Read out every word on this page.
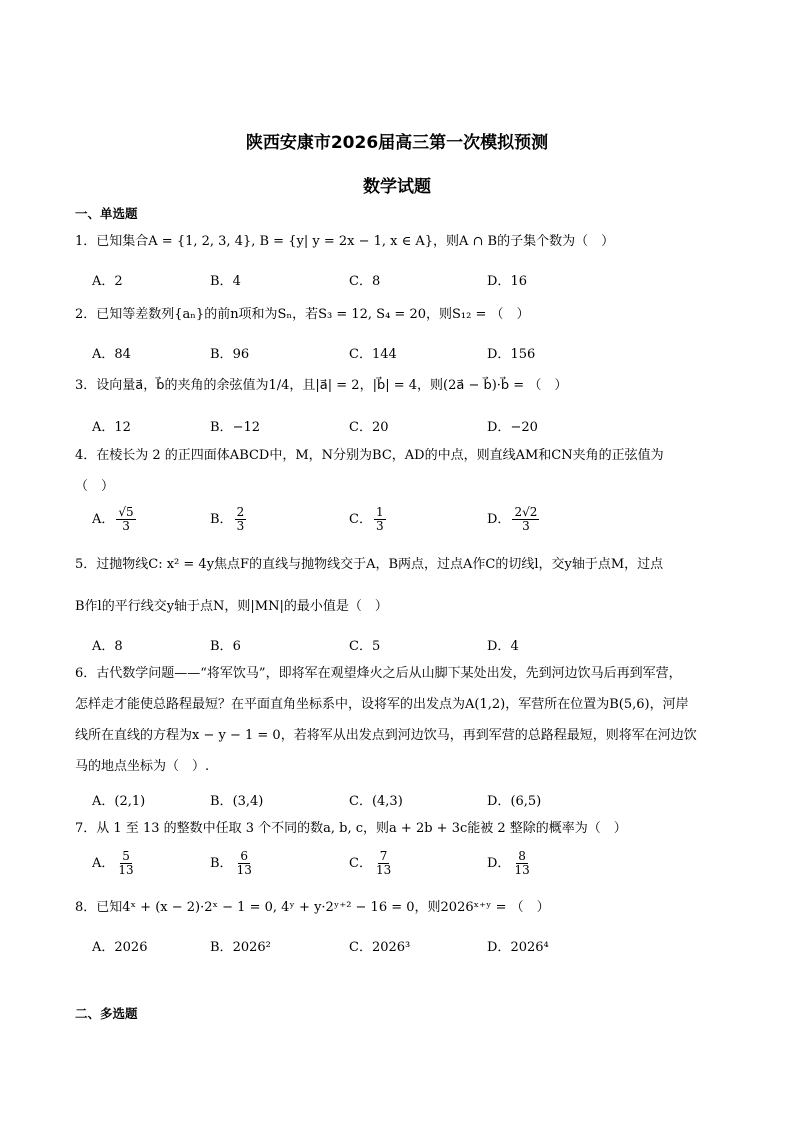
陕西安康市2026届高三第一次模拟预测
数学试题
一、单选题
1．已知集合A = {1, 2, 3, 4}, B = {y| y = 2x − 1, x ∈ A}，则A ∩ B的子集个数为（　）
A．2	B．4	C．8	D．16
2．已知等差数列{aₙ}的前n项和为Sₙ，若S₃ = 12, S₄ = 20，则S₁₂ = （　）
A．84	B．96	C．144	D．156
3．设向量a⃗，b⃗的夹角的余弦值为1/4，且|a⃗| = 2，|b⃗| = 4，则(2a⃗ − b⃗)·b⃗ = （　）
A．12	B．−12	C．20	D．−20
4．在棱长为 2 的正四面体ABCD中，M，N分别为BC，AD的中点，则直线AM和CN夹角的正弦值为
（　）
A． $\frac{√5}{3}$	B． $\frac{2}{3}$	C． $\frac{1}{3}$	D． $\frac{2√2}{3}$
5．过抛物线C: x² = 4y焦点F的直线与抛物线交于A，B两点，过点A作C的切线l，交y轴于点M，过点
B作l的平行线交y轴于点N，则|MN|的最小值是（　）
A．8	B．6	C．5	D．4
6．古代数学问题——“将军饮马”，即将军在观望烽火之后从山脚下某处出发，先到河边饮马后再到军营，
怎样走才能使总路程最短？在平面直角坐标系中，设将军的出发点为A(1,2)，军营所在位置为B(5,6)，河岸
线所在直线的方程为x − y − 1 = 0，若将军从出发点到河边饮马，再到军营的总路程最短，则将军在河边饮
马的地点坐标为（　）.
A．(2,1)	B．(3,4)	C．(4,3)	D．(6,5)
7．从 1 至 13 的整数中任取 3 个不同的数a, b, c，则a + 2b + 3c能被 2 整除的概率为（　）
A． $\frac{5}{13}$	B． $\frac{6}{13}$	C． $\frac{7}{13}$	D． $\frac{8}{13}$
8．已知4ˣ + (x − 2)·2ˣ − 1 = 0, 4ʸ + y·2ʸ⁺² − 16 = 0，则2026ˣ⁺ʸ = （　）
A．2026	B．2026²	C．2026³	D．2026⁴
二、多选题
